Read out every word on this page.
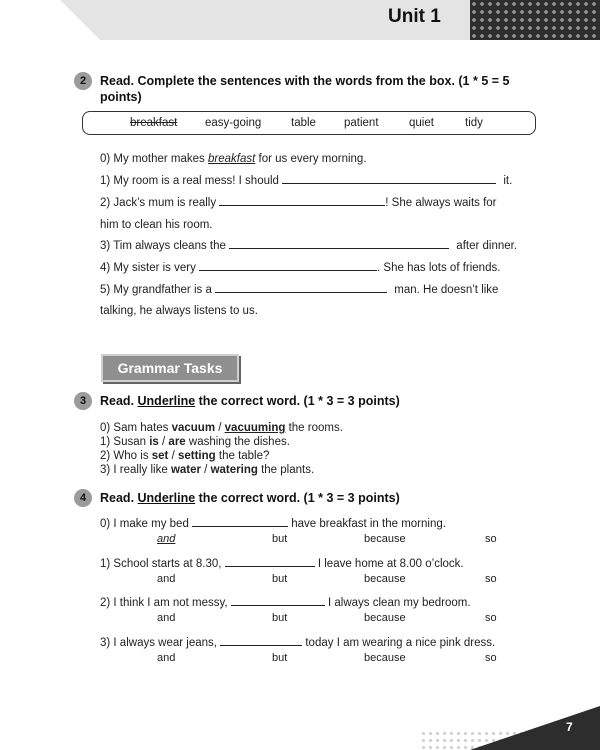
Unit 1
2	Read. Complete the sentences with the words from the box. (1 * 5 = 5
points)
breakfast easy-going	table patient	quiet	tidy
0) My mother makes breakfast for us every morning.
1) My room is a real mess! I should	it.
2) Jack’s mum is really	! She always waits for
him to clean his room.
3) Tim always cleans the	after dinner.
4) My sister is very	. She has lots of friends.
5) My grandfather is a	man. He doesn’t like
talking, he always listens to us.
Grammar Tasks
3	Read. Underline the correct word. (1 * 3 = 3 points)
0) Sam hates vacuum / vacuuming the rooms.
1) Susan is / are washing the dishes.
2) Who is set / setting the table?
3) I really like water / watering the plants.
4	Read. Underline the correct word. (1 * 3 = 3 points)
0) I make my bed	have breakfast in the morning.
and	but	because	so
1) School starts at 8.30,	I leave home at 8.00 o’clock.
and	but	because	so
2) I think I am not messy,	I always clean my bedroom.
and	but	because	so
3) I always wear jeans,	today I am wearing a nice pink dress.
and	but	because	so
7
